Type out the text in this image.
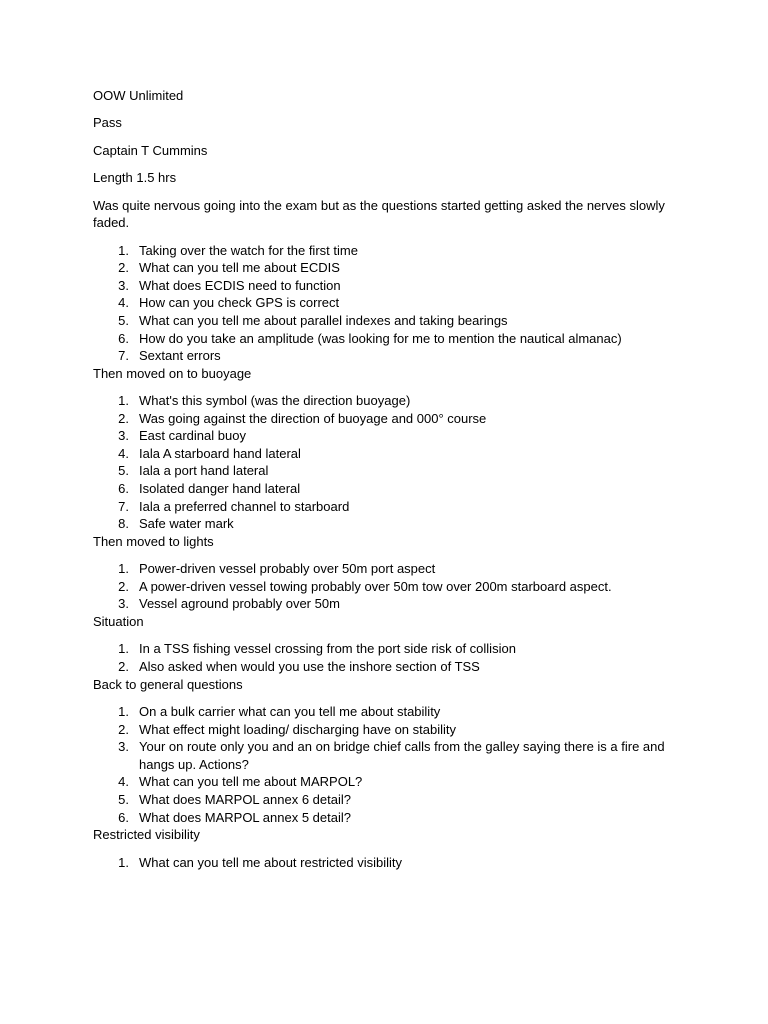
OOW Unlimited

Pass

Captain T Cummins

Length 1.5 hrs

Was quite nervous going into the exam but as the questions started getting asked the nerves slowly faded.

1. Taking over the watch for the first time
2. What can you tell me about ECDIS
3. What does ECDIS need to function
4. How can you check GPS is correct
5. What can you tell me about parallel indexes and taking bearings
6. How do you take an amplitude (was looking for me to mention the nautical almanac)
7. Sextant errors

Then moved on to buoyage

1. What's this symbol (was the direction buoyage)
2. Was going against the direction of buoyage and 000° course
3. East cardinal buoy
4. Iala A starboard hand lateral
5. Iala a port hand lateral
6. Isolated danger hand lateral
7. Iala a preferred channel to starboard
8. Safe water mark

Then moved to lights

1. Power-driven vessel probably over 50m port aspect
2. A power-driven vessel towing probably over 50m tow over 200m starboard aspect.
3. Vessel aground probably over 50m

Situation

1. In a TSS fishing vessel crossing from the port side risk of collision
2. Also asked when would you use the inshore section of TSS

Back to general questions

1. On a bulk carrier what can you tell me about stability
2. What effect might loading/ discharging have on stability
3. Your on route only you and an on bridge chief calls from the galley saying there is a fire and hangs up. Actions?
4. What can you tell me about MARPOL?
5. What does MARPOL annex 6 detail?
6. What does MARPOL annex 5 detail?

Restricted visibility

1. What can you tell me about restricted visibility
